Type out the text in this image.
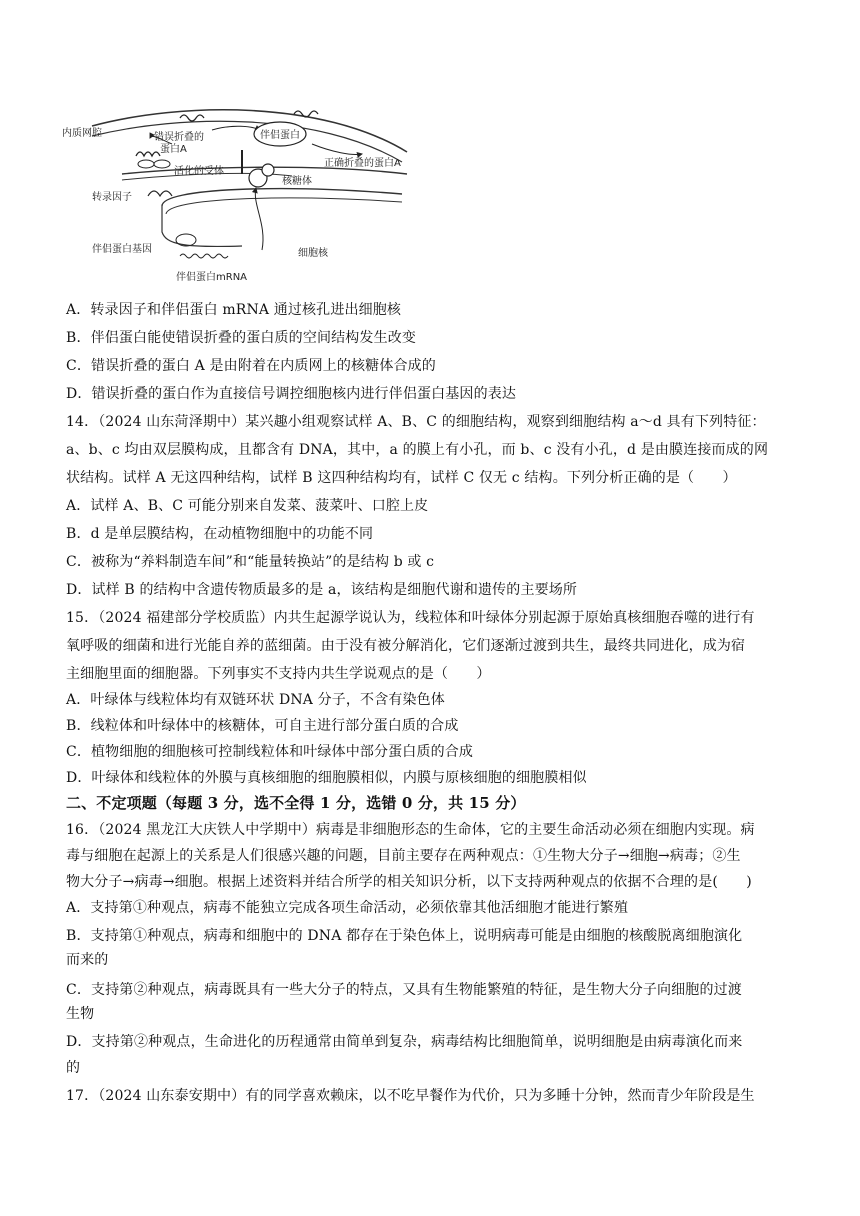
内质网腔	错误折叠的
蛋白A
伴侣蛋白
正确折叠的蛋白A
活化的受体
核糖体
转录因子
伴侣蛋白基因	细胞核
伴侣蛋白mRNA
A．转录因子和伴侣蛋白 mRNA 通过核孔进出细胞核
B．伴侣蛋白能使错误折叠的蛋白质的空间结构发生改变
C．错误折叠的蛋白 A 是由附着在内质网上的核糖体合成的
D．错误折叠的蛋白作为直接信号调控细胞核内进行伴侣蛋白基因的表达
14．（2024 山东菏泽期中）某兴趣小组观察试样 A、B、C 的细胞结构，观察到细胞结构 a～d 具有下列特征：
a、b、c 均由双层膜构成，且都含有 DNA，其中，a 的膜上有小孔，而 b、c 没有小孔，d 是由膜连接而成的网
状结构。试样 A 无这四种结构，试样 B 这四种结构均有，试样 C 仅无 c 结构。下列分析正确的是（　　）
A．试样 A、B、C 可能分别来自发菜、菠菜叶、口腔上皮
B．d 是单层膜结构，在动植物细胞中的功能不同
C．被称为“养料制造车间”和“能量转换站”的是结构 b 或 c
D．试样 B 的结构中含遗传物质最多的是 a，该结构是细胞代谢和遗传的主要场所
15．（2024 福建部分学校质监）内共生起源学说认为，线粒体和叶绿体分别起源于原始真核细胞吞噬的进行有
氧呼吸的细菌和进行光能自养的蓝细菌。由于没有被分解消化，它们逐渐过渡到共生，最终共同进化，成为宿
主细胞里面的细胞器。下列事实不支持内共生学说观点的是（　　）
A．叶绿体与线粒体均有双链环状 DNA 分子，不含有染色体
B．线粒体和叶绿体中的核糖体，可自主进行部分蛋白质的合成
C．植物细胞的细胞核可控制线粒体和叶绿体中部分蛋白质的合成
D．叶绿体和线粒体的外膜与真核细胞的细胞膜相似，内膜与原核细胞的细胞膜相似
二、不定项题（每题 3 分，选不全得 1 分，选错 0 分，共 15 分）
16．（2024 黑龙江大庆铁人中学期中）病毒是非细胞形态的生命体，它的主要生命活动必须在细胞内实现。病
毒与细胞在起源上的关系是人们很感兴趣的问题，目前主要存在两种观点：①生物大分子→细胞→病毒；②生
物大分子→病毒→细胞。根据上述资料并结合所学的相关知识分析，以下支持两种观点的依据不合理的是(　　)
A．支持第①种观点，病毒不能独立完成各项生命活动，必须依靠其他活细胞才能进行繁殖
B．支持第①种观点，病毒和细胞中的 DNA 都存在于染色体上，说明病毒可能是由细胞的核酸脱离细胞演化
而来的
C．支持第②种观点，病毒既具有一些大分子的特点，又具有生物能繁殖的特征，是生物大分子向细胞的过渡
生物
D．支持第②种观点，生命进化的历程通常由简单到复杂，病毒结构比细胞简单，说明细胞是由病毒演化而来
的
17．（2024 山东泰安期中）有的同学喜欢赖床，以不吃早餐作为代价，只为多睡十分钟，然而青少年阶段是生
